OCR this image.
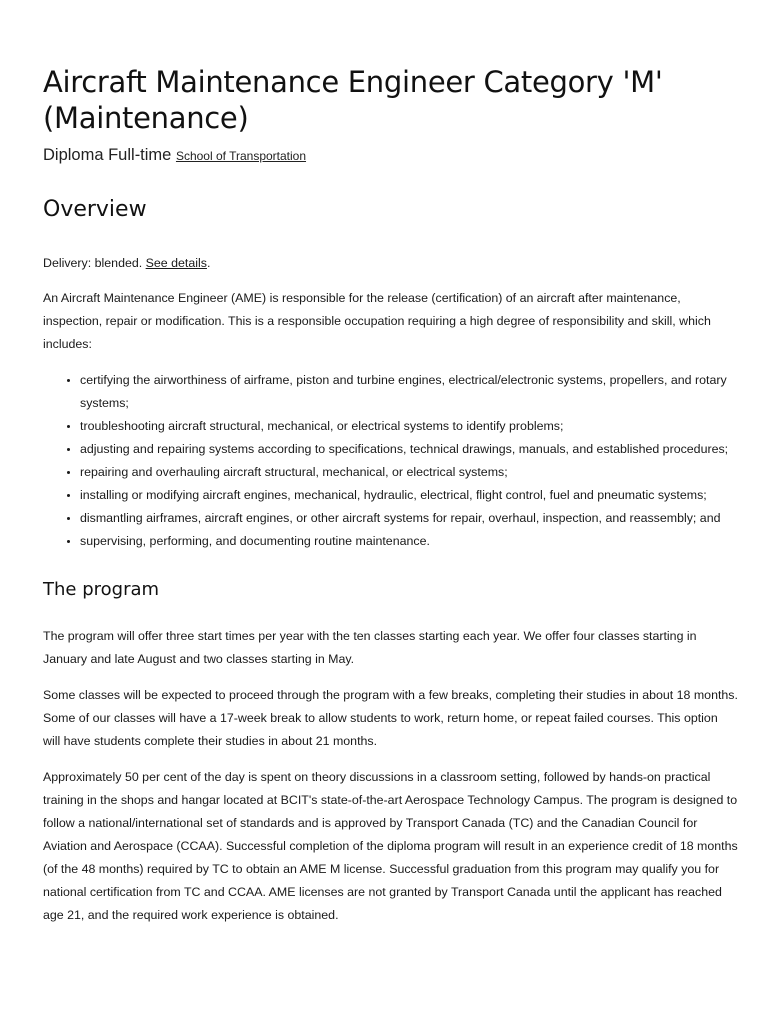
Aircraft Maintenance Engineer Category 'M' (Maintenance)
Diploma Full-time School of Transportation
Overview

Delivery: blended. See details.

An Aircraft Maintenance Engineer (AME) is responsible for the release (certification) of an aircraft after maintenance, inspection, repair or modification. This is a responsible occupation requiring a high degree of responsibility and skill, which includes:

• certifying the airworthiness of airframe, piston and turbine engines, electrical/electronic systems, propellers, and rotary systems;
• troubleshooting aircraft structural, mechanical, or electrical systems to identify problems;
• adjusting and repairing systems according to specifications, technical drawings, manuals, and established procedures;
• repairing and overhauling aircraft structural, mechanical, or electrical systems;
• installing or modifying aircraft engines, mechanical, hydraulic, electrical, flight control, fuel and pneumatic systems;
• dismantling airframes, aircraft engines, or other aircraft systems for repair, overhaul, inspection, and reassembly; and
• supervising, performing, and documenting routine maintenance.
The program

The program will offer three start times per year with the ten classes starting each year. We offer four classes starting in January and late August and two classes starting in May.

Some classes will be expected to proceed through the program with a few breaks, completing their studies in about 18 months. Some of our classes will have a 17-week break to allow students to work, return home, or repeat failed courses. This option will have students complete their studies in about 21 months.

Approximately 50 per cent of the day is spent on theory discussions in a classroom setting, followed by hands-on practical training in the shops and hangar located at BCIT's state-of-the-art Aerospace Technology Campus. The program is designed to follow a national/international set of standards and is approved by Transport Canada (TC) and the Canadian Council for Aviation and Aerospace (CCAA). Successful completion of the diploma program will result in an experience credit of 18 months (of the 48 months) required by TC to obtain an AME M license. Successful graduation from this program may qualify you for national certification from TC and CCAA. AME licenses are not granted by Transport Canada until the applicant has reached age 21, and the required work experience is obtained.
